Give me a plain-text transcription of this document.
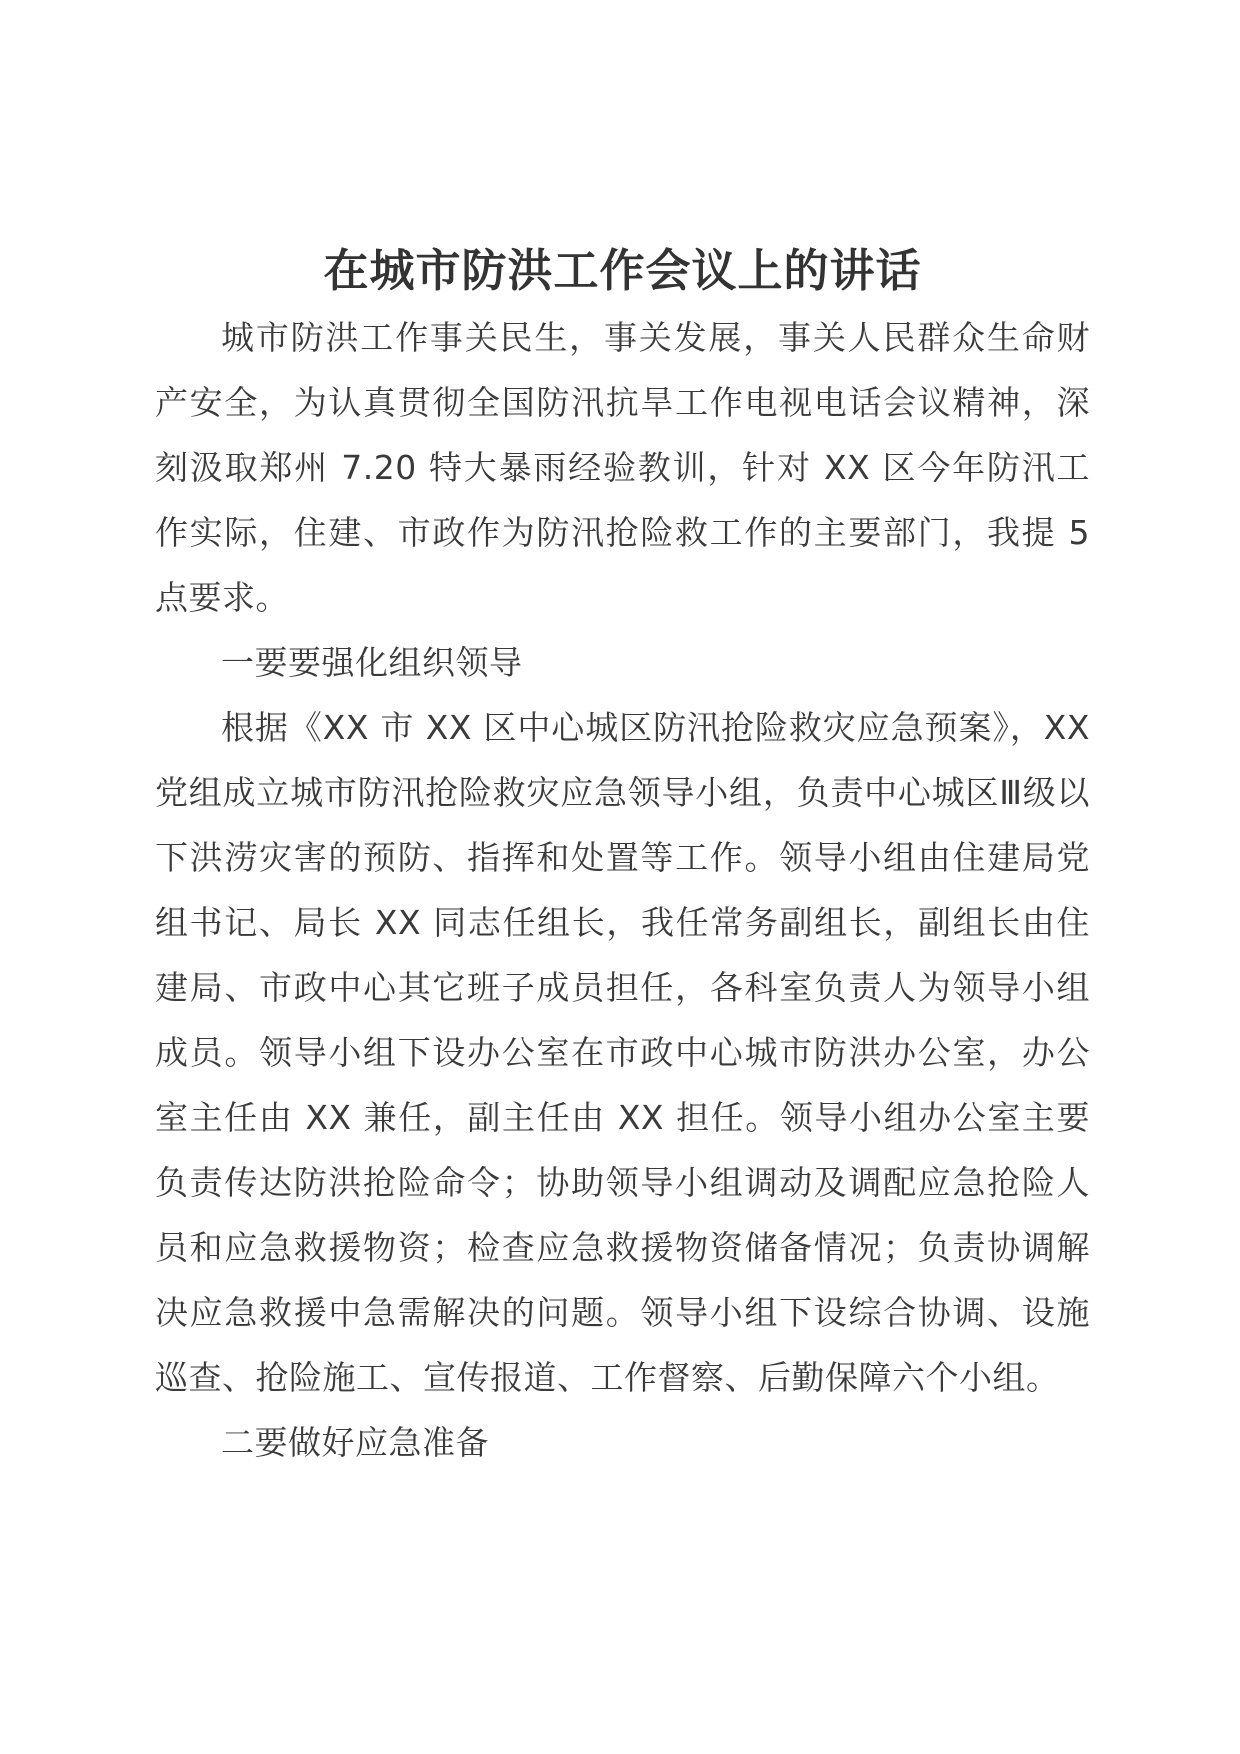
在城市防洪工作会议上的讲话

城市防洪工作事关民生，事关发展，事关人民群众生命财产安全，为认真贯彻全国防汛抗旱工作电视电话会议精神，深刻汲取郑州 7.20 特大暴雨经验教训，针对 XX 区今年防汛工作实际，住建、市政作为防汛抢险救工作的主要部门，我提 5 点要求。

一要要强化组织领导

根据《XX 市 XX 区中心城区防汛抢险救灾应急预案》，XX 党组成立城市防汛抢险救灾应急领导小组，负责中心城区Ⅲ级以下洪涝灾害的预防、指挥和处置等工作。领导小组由住建局党组书记、局长 XX 同志任组长，我任常务副组长，副组长由住建局、市政中心其它班子成员担任，各科室负责人为领导小组成员。领导小组下设办公室在市政中心城市防洪办公室，办公室主任由 XX 兼任，副主任由 XX 担任。领导小组办公室主要负责传达防洪抢险命令；协助领导小组调动及调配应急抢险人员和应急救援物资；检查应急救援物资储备情况；负责协调解决应急救援中急需解决的问题。领导小组下设综合协调、设施巡查、抢险施工、宣传报道、工作督察、后勤保障六个小组。

二要做好应急准备
